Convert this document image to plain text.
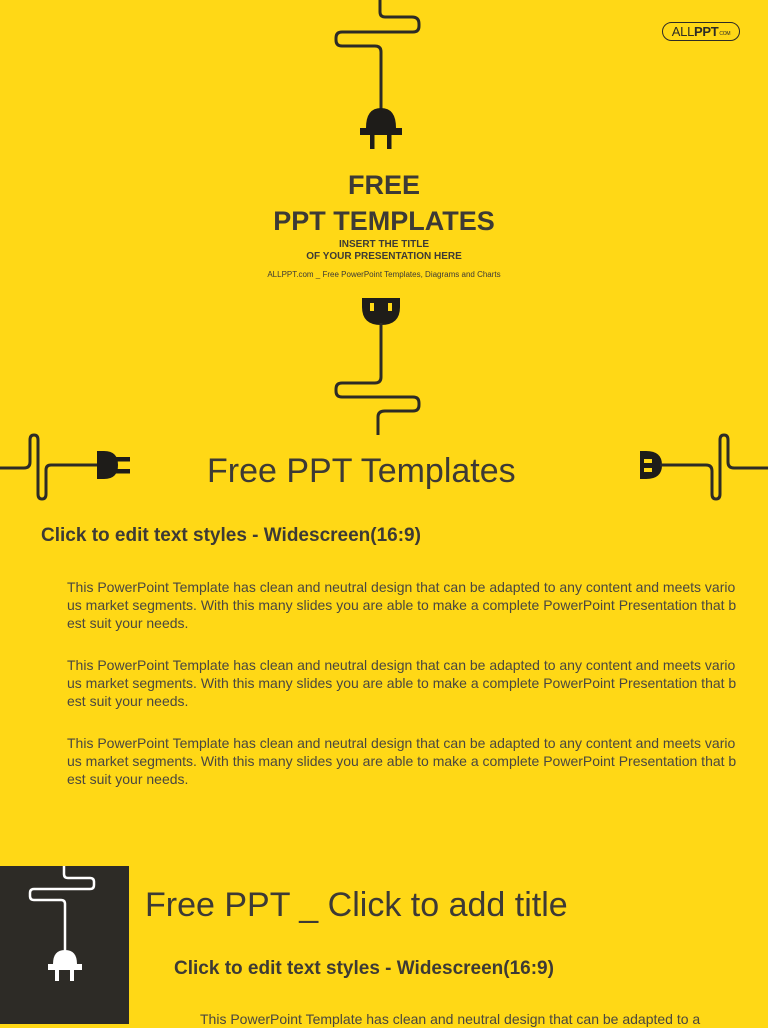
ALL PPT COM
FREE
PPT TEMPLATES
INSERT THE TITLE
OF YOUR PRESENTATION HERE
ALLPPT.com _ Free PowerPoint Templates, Diagrams and Charts
Free PPT Templates
Click to edit text styles - Widescreen(16:9)
This PowerPoint Template has clean and neutral design that can be adapted to any content and meets various market segments. With this many slides you are able to make a complete PowerPoint Presentation that best suit your needs.
This PowerPoint Template has clean and neutral design that can be adapted to any content and meets various market segments. With this many slides you are able to make a complete PowerPoint Presentation that best suit your needs.
This PowerPoint Template has clean and neutral design that can be adapted to any content and meets various market segments. With this many slides you are able to make a complete PowerPoint Presentation that best suit your needs.
Free PPT _ Click to add title
Click to edit text styles - Widescreen(16:9)
This PowerPoint Template has clean and neutral design that can be adapted to a
